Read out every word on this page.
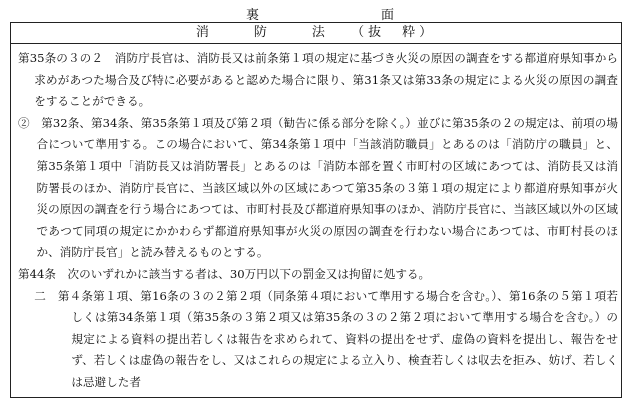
裏　　　　面
消　防　法 （抜　粋）

第35条の３の２　消防庁長官は、消防長又は前条第１項の規定に基づき火災の原因の調査をする都道府県知事から求めがあつた場合及び特に必要があると認めた場合に限り、第31条又は第33条の規定による火災の原因の調査をすることができる。

②　第32条、第34条、第35条第１項及び第２項（勧告に係る部分を除く。）並びに第35条の２の規定は、前項の場合について準用する。この場合において、第34条第１項中「当該消防職員」とあるのは「消防庁の職員」と、第35条第１項中「消防長又は消防署長」とあるのは「消防本部を置く市町村の区域にあつては、消防長又は消防署長のほか、消防庁長官に、当該区域以外の区域にあつて第35条の３第１項の規定により都道府県知事が火災の原因の調査を行う場合にあつては、市町村長及び都道府県知事のほか、消防庁長官に、当該区域以外の区域であつて同項の規定にかかわらず都道府県知事が火災の原因の調査を行わない場合にあつては、市町村長のほか、消防庁長官」と読み替えるものとする。

第44条　次のいずれかに該当する者は、30万円以下の罰金又は拘留に処する。

二　第４条第１項、第16条の３の２第２項（同条第４項において準用する場合を含む。）、第16条の５第１項若しくは第34条第１項（第35条の３第２項又は第35条の３の２第２項において準用する場合を含む。）の規定による資料の提出若しくは報告を求められて、資料の提出をせず、虚偽の資料を提出し、報告をせず、若しくは虚偽の報告をし、又はこれらの規定による立入り、検査若しくは収去を拒み、妨げ、若しくは忌避した者
